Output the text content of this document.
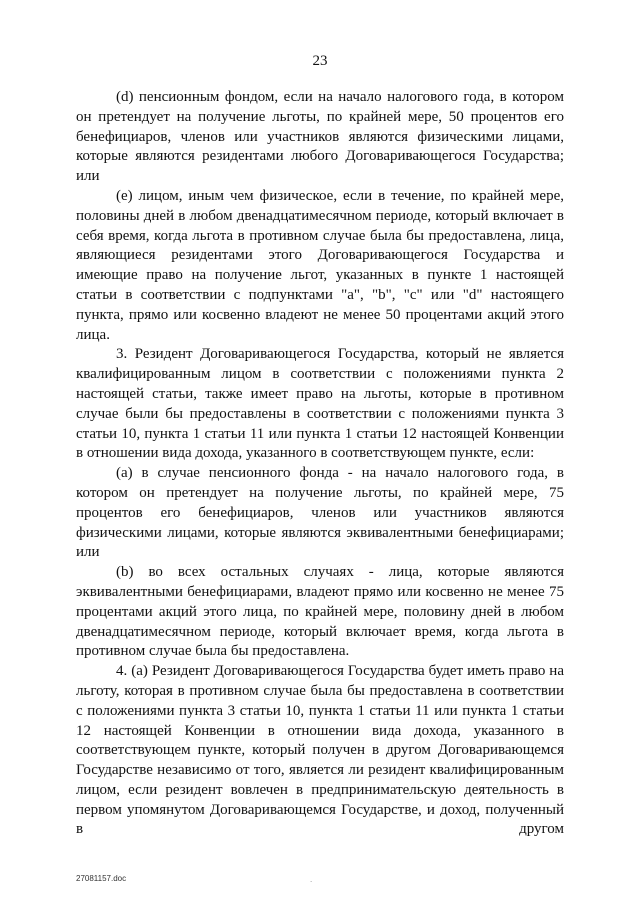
23

(d) пенсионным фондом, если на начало налогового года, в котором он претендует на получение льготы, по крайней мере, 50 процентов его бенефициаров, членов или участников являются физическими лицами, которые являются резидентами любого Договаривающегося Государства; или

(e) лицом, иным чем физическое, если в течение, по крайней мере, половины дней в любом двенадцатимесячном периоде, который включает в себя время, когда льгота в противном случае была бы предоставлена, лица, являющиеся резидентами этого Договаривающегося Государства и имеющие право на получение льгот, указанных в пункте 1 настоящей статьи в соответствии с подпунктами "a", "b", "c" или "d" настоящего пункта, прямо или косвенно владеют не менее 50 процентами акций этого лица.

3. Резидент Договаривающегося Государства, который не является квалифицированным лицом в соответствии с положениями пункта 2 настоящей статьи, также имеет право на льготы, которые в противном случае были бы предоставлены в соответствии с положениями пункта 3 статьи 10, пункта 1 статьи 11 или пункта 1 статьи 12 настоящей Конвенции в отношении вида дохода, указанного в соответствующем пункте, если:

(a) в случае пенсионного фонда - на начало налогового года, в котором он претендует на получение льготы, по крайней мере, 75 процентов его бенефициаров, членов или участников являются физическими лицами, которые являются эквивалентными бенефициарами; или

(b) во всех остальных случаях - лица, которые являются эквивалентными бенефициарами, владеют прямо или косвенно не менее 75 процентами акций этого лица, по крайней мере, половину дней в любом двенадцатимесячном периоде, который включает время, когда льгота в противном случае была бы предоставлена.

4. (a) Резидент Договаривающегося Государства будет иметь право на льготу, которая в противном случае была бы предоставлена в соответствии с положениями пункта 3 статьи 10, пункта 1 статьи 11 или пункта 1 статьи 12 настоящей Конвенции в отношении вида дохода, указанного в соответствующем пункте, который получен в другом Договаривающемся Государстве независимо от того, является ли резидент квалифицированным лицом, если резидент вовлечен в предпринимательскую деятельность в первом упомянутом Договаривающемся Государстве, и доход, полученный в другом

27081157.doc	.
